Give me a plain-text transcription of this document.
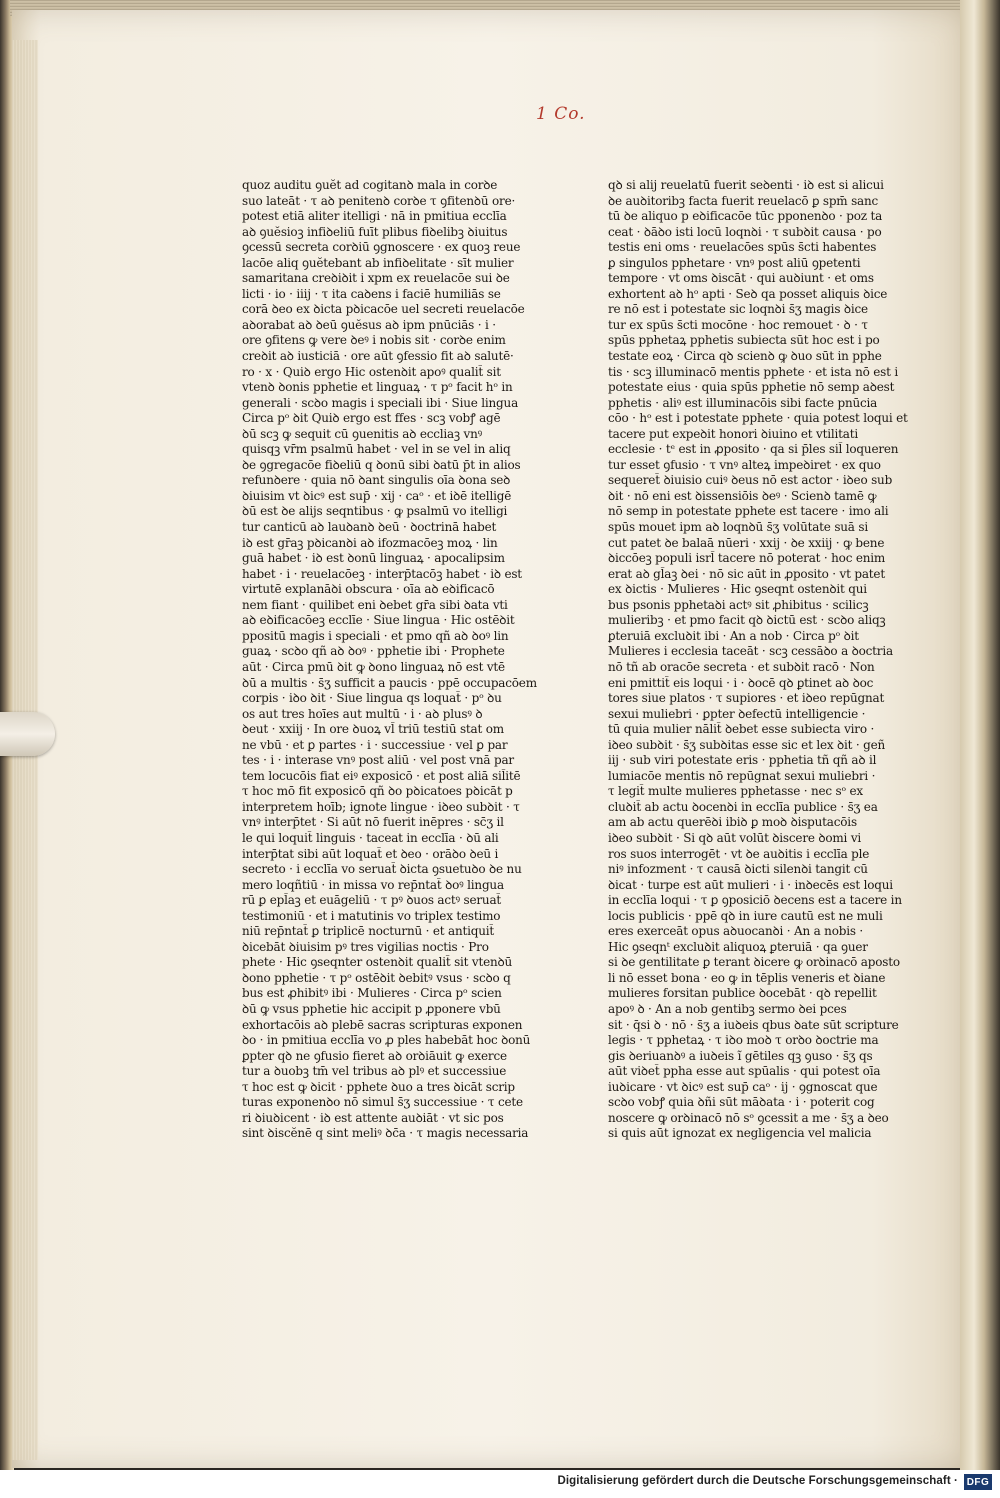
1 Co.
quoz auditu ꝯuĕt ad cogitanꝺ mala in corꝺe
suo lateāt · τ aꝺ penitenꝺ corꝺe τ ꝯfitenꝺū ore·
potest etiā aliter itelligi · nā in pmitiua ecclīa
aꝺ ꝯuĕsioꝫ infiꝺeliū fuīt plibus fiꝺelibꝫ ꝺiuitus
ꝯcessū secreta corꝺiū ꝯgnoscere · ex quoꝫ reue
lacōe aliq ꝯuĕtebant ab infiꝺelitate · sīt mulier
samaritana creꝺiꝺit i xpm ex reuelacōe sui ꝺe
licti · io · iiij · τ ita caꝺens i faciē humiliās se
corā ꝺeo ex ꝺicta pꝺicacōe uel secreti reuelacōe
aꝺorabat aꝺ ꝺeū ꝯuĕsus aꝺ ipm pnūciās · i ·
ore ꝯfitens ꝙ vere ꝺeꝰ i nobis sit · corꝺe enim
creꝺit aꝺ iusticiā · ore aūt ꝯfessio fit aꝺ salutē·
ro · x · Quiꝺ ergo Hic ostenꝺit apoꝰ qualit̄ sit
vtenꝺ ꝺonis pphetie et linguaꝝ · τ pᵒ facit hᵒ in
generali · scꝺo magis i speciali ibi · Siue lingua
Circa pᵒ ꝺit Quiꝺ ergo est ffes · scꝫ vobꝭ agē
ꝺū scꝫ ꝙ sequit cū ꝯuenitis aꝺ eccliaꝫ vnꝰ
quisqꝫ vr̄m psalmū habet · vel in se vel in aliq
ꝺe ꝯgregacōe fiꝺeliū q ꝺonū sibi ꝺatū p̄t in alios
refunꝺere · quia nō ꝺant singulis oīa ꝺona seꝺ
ꝺiuisim vt ꝺicꝰ est sup̄ · xij · caᵒ · et iꝺē itelligē
ꝺū est ꝺe alijs seqntibus · ꝙ psalmū vo itelligi
tur canticū aꝺ lauꝺanꝺ ꝺeū · ꝺoctrinā habet
iꝺ est gr̄aꝫ pꝺicanꝺi aꝺ ifozmacōeꝫ moꝝ · lin
guā habet · iꝺ est ꝺonū linguaꝝ · apocalipsim
habet · i · reuelacōeꝫ · interp̄tacōꝫ habet · iꝺ est
virtutē explanāꝺi obscura · oīa aꝺ eꝺificacō
nem fiant · quilibet eni ꝺebet gr̄a sibi ꝺata vti
aꝺ eꝺificacōeꝫ ecclīe · Siue lingua · Hic ostēꝺit
ppositū magis i speciali · et pmo qñ aꝺ ꝺoꝰ lin
guaꝝ · scꝺo qñ aꝺ ꝺoꝰ · pphetie ibi · Prophete
aūt · Circa pmū ꝺit ꝙ ꝺono linguaꝝ nō est vtē
ꝺū a multis · s̄ʒ sufficit a paucis · ppē occupacōem
corpis · iꝺo ꝺit · Siue lingua qs loquat̄ · pᵒ ꝺu
os aut tres hoīes aut multū · i · aꝺ plusꝰ ꝺ
ꝺeut · xxiij · In ore ꝺuoꝝ vl̄ triū testiū stat om
ne vbū · et ꝑ partes · i · successiue · vel ꝑ par
tes · i · interase vnꝰ post aliū · vel post vnā par
tem locucōis fiat eiꝰ exposicō · et post aliā sil̄itē
τ hoc mō fit exposicō qñ ꝺo pꝺicatoes pꝺicāt p
interpretem hoīb; ignote lingue · iꝺeo subꝺit · τ
vnꝰ interp̄tet · Si aūt nō fuerit inēpres · sc̄ʒ il
le qui loquit̄ linguis · taceat in ecclīa · ꝺū ali
interp̄tat sibi aūt loquat̄ et ꝺeo · orāꝺo ꝺeū i
secreto · i ecclīa vo seruat̄ ꝺicta ꝯsuetuꝺo ꝺe nu
mero loqñtiū · in missa vo rep̄ntat̄ ꝺoꝰ lingua
rū ꝑ epl̄aꝫ et euāgeliū · τ pꝰ ꝺuos actꝰ seruat̄
testimoniū · et i matutinis vo triplex testimo
niū rep̄ntat̄ ꝑ triplicē nocturnū · et antiquit̄
ꝺicebāt ꝺiuisim pꝰ tres vigilias noctis · Pro
phete · Hic ꝯseqnter ostenꝺit qualit̄ sit vtenꝺū
ꝺono pphetie · τ pᵒ ostēꝺit ꝺebitꝰ vsus · scꝺo q
bus est ꝓhibitꝰ ibi · Mulieres · Circa pᵒ scien
ꝺū ꝙ vsus pphetie hic accipit p ꝓponere vbū
exhortacōis aꝺ plebē sacras scripturas exponen
ꝺo · in pmitiua ecclīa vo ꝓ ples habebāt hoc ꝺonū
ꝑpter qꝺ ne ꝯfusio fieret aꝺ orꝺiāuit ꝙ exerce
tur a ꝺuobꝫ tm̄ vel tribus aꝺ plꝰ et successiue
τ hoc est ꝙ ꝺicit · pphete ꝺuo a tres ꝺicāt scrip
turas exponenꝺo nō simul s̄ʒ successiue · τ cete
ri ꝺiuꝺicent · iꝺ est attente auꝺiāt · vt sic pos
sint ꝺiscĕnē q sint meliꝰ ꝺc̄a · τ magis necessaria
qꝺ si alij reuelatū fuerit seꝺenti · iꝺ est si alicui
ꝺe auꝺitoribꝫ facta fuerit reuelacō ꝑ spm̄ sanc
tū ꝺe aliquo p eꝺificacōe tūc pponenꝺo · poz ta
ceat · ꝺāꝺo isti locū loqnꝺi · τ subꝺit causa · po
testis eni oms · reuelacōes spūs s̄cti habentes
ꝑ singulos pphetare · vnꝰ post aliū ꝯpetenti
tempore · vt oms ꝺiscāt · qui auꝺiunt · et oms
exhortent aꝺ hᵒ apti · Seꝺ qa posset aliquis ꝺice
re nō est i potestate sic loqnꝺi s̄ʒ magis ꝺice
tur ex spūs s̄cti mocōne · hoc remouet · ꝺ · τ
spūs pphetaꝝ pphetis subiecta sūt hoc est i po
testate eoꝝ · Circa qꝺ scienꝺ ꝙ ꝺuo sūt in pphe
tis · scꝫ illuminacō mentis pphete · et ista nō est i
potestate eius · quia spūs pphetie nō semp aꝺest
pphetis · aliꝰ est illuminacōis sibi facte pnūcia
cōo · hᵒ est i potestate pphete · quia potest loqui et
tacere put expeꝺit honori ꝺiuino et vtilitati
ecclesie · tᵉ est in ꝓposito · qa si p̄les sil̄ loqueren
tur esset ꝯfusio · τ vnꝰ alteꝝ impeꝺiret · ex quo
sequeret̄ ꝺiuisio cuiꝰ ꝺeus nō est actor · iꝺeo sub
ꝺit · nō eni est ꝺissensiōis ꝺeꝰ · Scienꝺ tamē ꝙ
nō semp in potestate pphete est tacere · imo ali
spūs mouet ipm aꝺ loqnꝺū s̄ʒ volūtate suā si
cut patet ꝺe balaā nūeri · xxij · ꝺe xxiij · ꝙ bene
ꝺiccōeꝫ populi isrl̄ tacere nō poterat · hoc enim
erat aꝺ gl̄aꝫ ꝺei · nō sic aūt in ꝓposito · vt patet
ex ꝺictis · Mulieres · Hic ꝯseqnt ostenꝺit qui
bus psonis pphetaꝺi actꝰ sit ꝓhibitus · scilicꝫ
mulieribꝫ · et pmo facit qꝺ ꝺictū est · scꝺo aliqꝫ
ꝑteruiā excluꝺit ibi · An a nob · Circa pᵒ ꝺit
Mulieres i ecclesia taceāt · scꝫ cessāꝺo a ꝺoctria
nō tñ ab oracōe secreta · et subꝺit racō · Non
eni pmittit̄ eis loqui · i · ꝺocē qꝺ ꝑtinet aꝺ ꝺoc
tores siue platos · τ supiores · et iꝺeo repūgnat
sexui muliebri · ꝑpter ꝺefectū intelligencie ·
tū quia mulier nālit̄ ꝺebet esse subiecta viro ·
iꝺeo subꝺit · s̄ʒ subꝺitas esse sic et lex ꝺit · geñ
iij · sub viri potestate eris · pphetia tñ qñ aꝺ il
lumiacōe mentis nō repūgnat sexui muliebri ·
τ legit̄ multe mulieres pphetasse · nec sᵒ ex
cluꝺit̄ ab actu ꝺocenꝺi in ecclīa publice · s̄ʒ ea
am ab actu querēꝺi ibiꝺ ꝑ moꝺ ꝺisputacōis
iꝺeo subꝺit · Si qꝺ aūt volūt ꝺiscere ꝺomi vi
ros suos interrogēt · vt ꝺe auꝺitis i ecclīa ple
niꝰ infozment · τ causā ꝺicti silenꝺi tangit cū
ꝺicat · turpe est aūt mulieri · i · inꝺecēs est loqui
in ecclīa loqui · τ ꝑ ꝯposiciō ꝺecens est a tacere in
locis publicis · ppē qꝺ in iure cautū est ne muli
eres exerceāt opus aꝺuocanꝺi · An a nobis ·
Hic ꝯseqnᵗ excluꝺit aliquoꝝ ꝑteruiā · qa ꝯuer
si ꝺe gentilitate ꝑ terant ꝺicere ꝙ orꝺinacō aposto
li nō esset bona · eo ꝙ in tēplis veneris et ꝺiane
mulieres forsitan publice ꝺocebāt · qꝺ repellit
apoꝰ ꝺ · An a nob gentibꝫ sermo ꝺei pces
sit · q̄si ꝺ · nō · s̄ʒ a iuꝺeis qbus ꝺate sūt scripture
legis · τ pphetaꝝ · τ iꝺo moꝺ τ orꝺo ꝺoctrie ma
gis ꝺeriuanꝺꝰ a iuꝺeis ĩ gētiles qꝫ ꝯuso · s̄ʒ qs
aūt viꝺet̄ ppha esse aut spūalis · qui potest oīa
iuꝺicare · vt ꝺicꝰ est sup̄ caᵒ · ij · ꝯgnoscat que
scꝺo vobꝭ quia ꝺñi sūt māꝺata · i · poterit cog
noscere ꝙ orꝺinacō nō sᵒ ꝯcessit a me · s̄ʒ a ꝺeo
si quis aūt ignozat ex negligencia vel malicia
Digitalisierung gefördert durch die Deutsche Forschungsgemeinschaft · DFG
